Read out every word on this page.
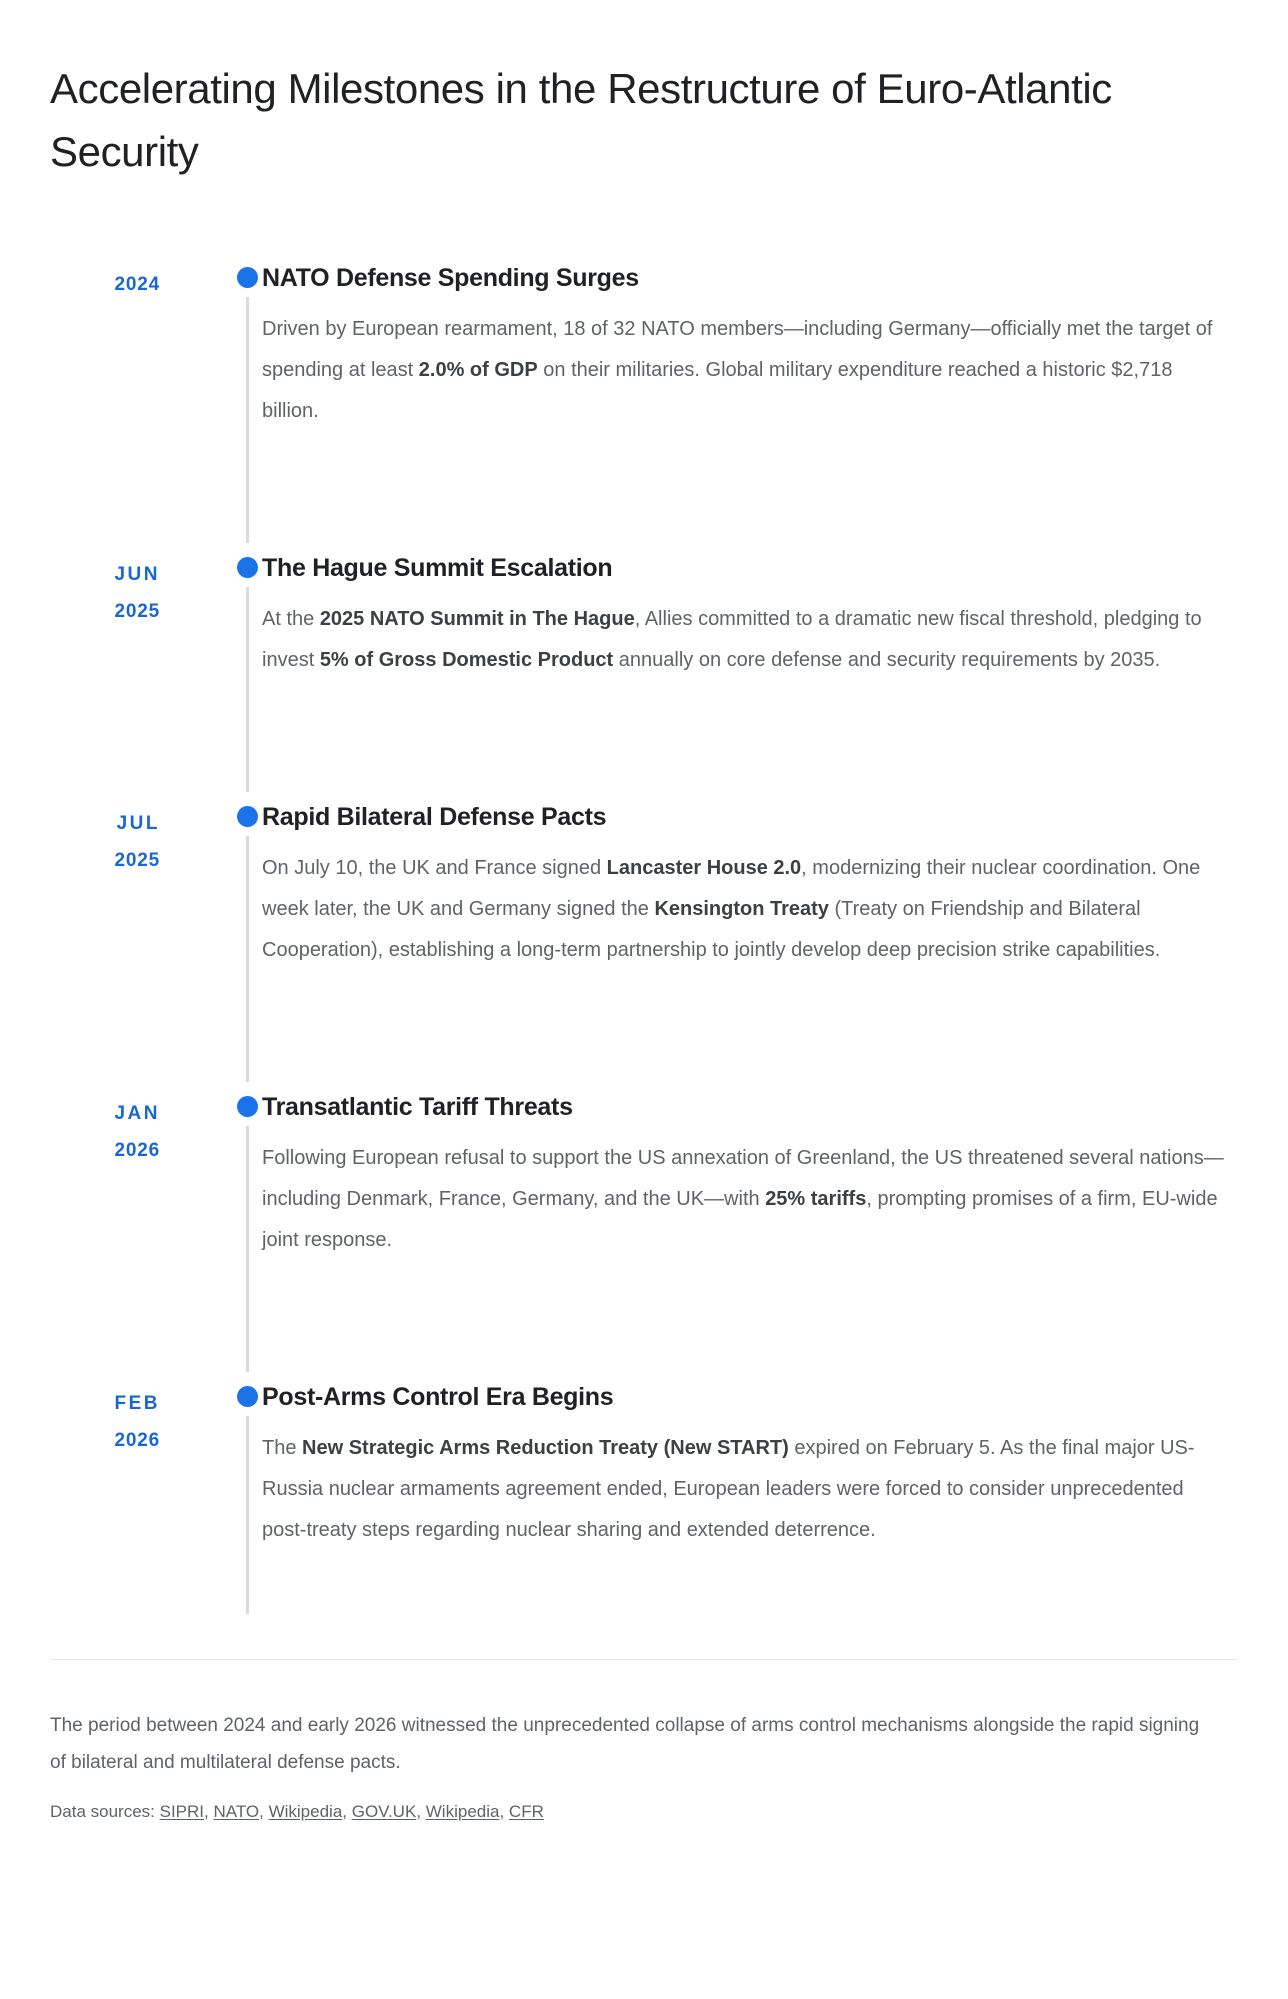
Accelerating Milestones in the Restructure of Euro-Atlantic Security
2024	NATO Defense Spending Surges

Driven by European rearmament, 18 of 32 NATO members—including Germany—officially met the target of spending at least 2.0% of GDP on their militaries. Global military expenditure reached a historic $2,718 billion.

JUN
2025
The Hague Summit Escalation

At the 2025 NATO Summit in The Hague, Allies committed to a dramatic new fiscal threshold, pledging to invest 5% of Gross Domestic Product annually on core defense and security requirements by 2035.

JUL
2025
Rapid Bilateral Defense Pacts

On July 10, the UK and France signed Lancaster House 2.0, modernizing their nuclear coordination. One week later, the UK and Germany signed the Kensington Treaty (Treaty on Friendship and Bilateral Cooperation), establishing a long-term partnership to jointly develop deep precision strike capabilities.

JAN
2026
Transatlantic Tariff Threats

Following European refusal to support the US annexation of Greenland, the US threatened several nations—including Denmark, France, Germany, and the UK—with 25% tariffs, prompting promises of a firm, EU-wide joint response.

FEB
2026
Post-Arms Control Era Begins

The New Strategic Arms Reduction Treaty (New START) expired on February 5. As the final major US-Russia nuclear armaments agreement ended, European leaders were forced to consider unprecedented post-treaty steps regarding nuclear sharing and extended deterrence.

The period between 2024 and early 2026 witnessed the unprecedented collapse of arms control mechanisms alongside the rapid signing of bilateral and multilateral defense pacts.

Data sources: SIPRI, NATO, Wikipedia, GOV.UK, Wikipedia, CFR
